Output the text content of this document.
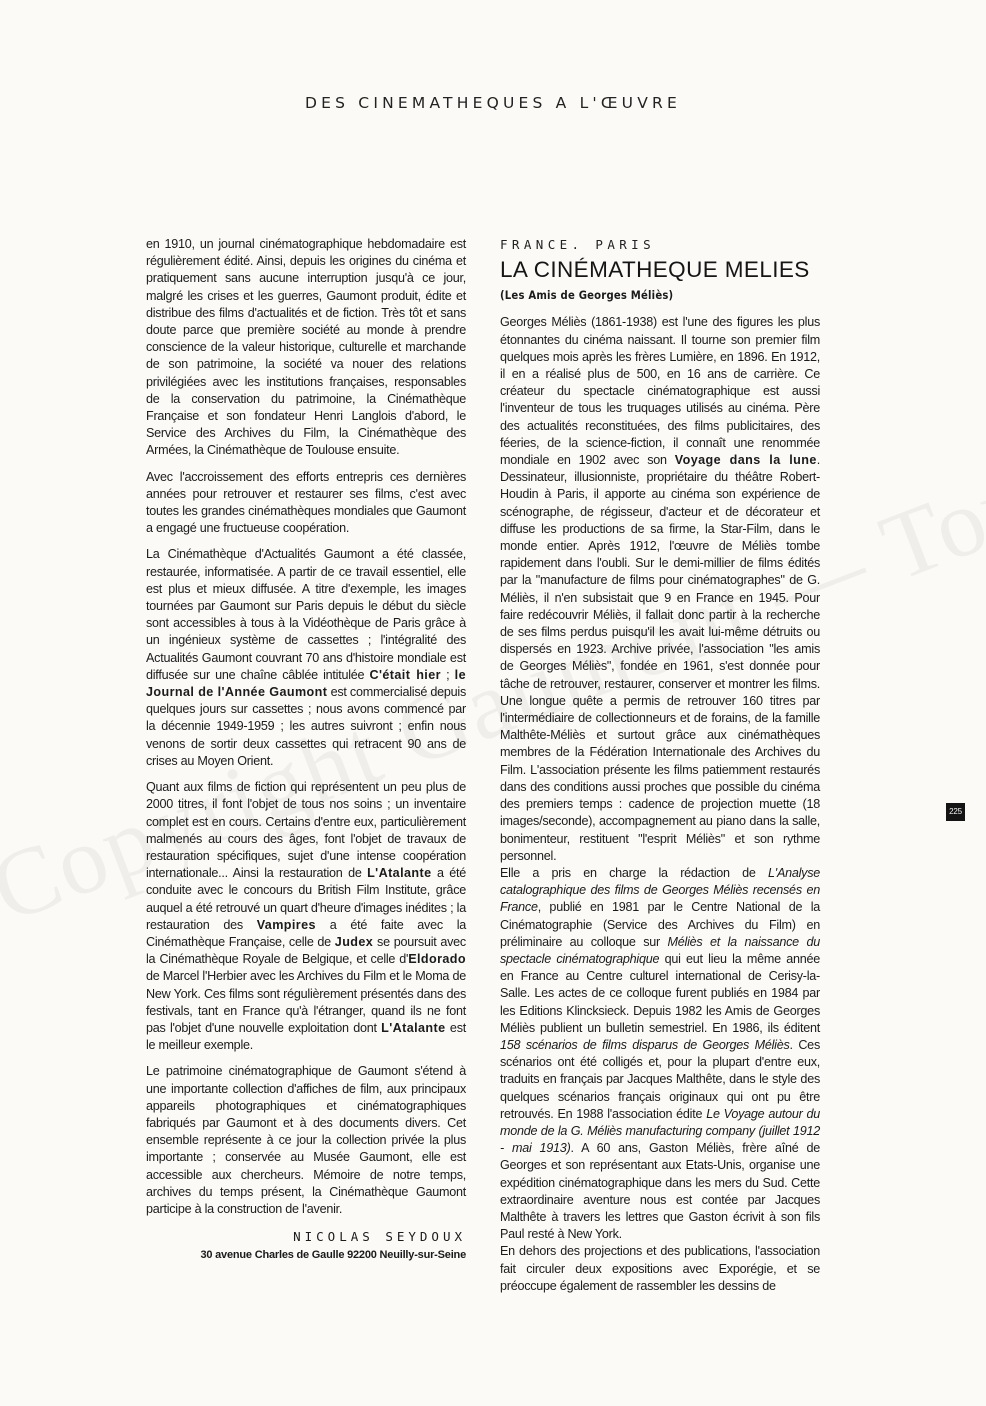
DES CINEMATHEQUES A L'ŒUVRE

en 1910, un journal cinématographique hebdomadaire est régulièrement édité. Ainsi, depuis les origines du cinéma et pratiquement sans aucune interruption jusqu'à ce jour, malgré les crises et les guerres, Gaumont produit, édite et distribue des films d'actualités et de fiction. Très tôt et sans doute parce que première société au monde à prendre conscience de la valeur historique, culturelle et marchande de son patrimoine, la société va nouer des relations privilégiées avec les institutions françaises, responsables de la conservation du patrimoine, la Cinémathèque Française et son fondateur Henri Langlois d'abord, le Service des Archives du Film, la Cinémathèque des Armées, la Cinémathèque de Toulouse ensuite.

Avec l'accroissement des efforts entrepris ces dernières années pour retrouver et restaurer ses films, c'est avec toutes les grandes cinémathèques mondiales que Gaumont a engagé une fructueuse coopération.

La Cinémathèque d'Actualités Gaumont a été classée, restaurée, informatisée. A partir de ce travail essentiel, elle est plus et mieux diffusée. A titre d'exemple, les images tournées par Gaumont sur Paris depuis le début du siècle sont accessibles à tous à la Vidéothèque de Paris grâce à un ingénieux système de cassettes ; l'intégralité des Actualités Gaumont couvrant 70 ans d'histoire mondiale est diffusée sur une chaîne câblée intitulée C'était hier ; le Journal de l'Année Gaumont est commercialisé depuis quelques jours sur cassettes ; nous avons commencé par la décennie 1949-1959 ; les autres suivront ; enfin nous venons de sortir deux cassettes qui retracent 90 ans de crises au Moyen Orient.

Quant aux films de fiction qui représentent un peu plus de 2000 titres, il font l'objet de tous nos soins ; un inventaire complet est en cours. Certains d'entre eux, particulièrement malmenés au cours des âges, font l'objet de travaux de restauration spécifiques, sujet d'une intense coopération internationale... Ainsi la restauration de L'Atalante a été conduite avec le concours du British Film Institute, grâce auquel a été retrouvé un quart d'heure d'images inédites ; la restauration des Vampires a été faite avec la Cinémathèque Française, celle de Judex se poursuit avec la Cinémathèque Royale de Belgique, et celle d'Eldorado de Marcel l'Herbier avec les Archives du Film et le Moma de New York. Ces films sont régulièrement présentés dans des festivals, tant en France qu'à l'étranger, quand ils ne font pas l'objet d'une nouvelle exploitation dont L'Atalante est le meilleur exemple.

Le patrimoine cinématographique de Gaumont s'étend à une importante collection d'affiches de film, aux principaux appareils photographiques et cinématographiques fabriqués par Gaumont et à des documents divers. Cet ensemble représente à ce jour la collection privée la plus importante ; conservée au Musée Gaumont, elle est accessible aux chercheurs. Mémoire de notre temps, archives du temps présent, la Cinémathèque Gaumont participe à la construction de l'avenir.

NICOLAS SEYDOUX
30 avenue Charles de Gaulle 92200 Neuilly-sur-Seine
FRANCE. PARIS
LA CINÉMATHEQUE MELIES
(Les Amis de Georges Méliès)

Georges Méliès (1861-1938) est l'une des figures les plus étonnantes du cinéma naissant. Il tourne son premier film quelques mois après les frères Lumière, en 1896. En 1912, il en a réalisé plus de 500, en 16 ans de carrière. Ce créateur du spectacle cinématographique est aussi l'inventeur de tous les truquages utilisés au cinéma. Père des actualités reconstituées, des films publicitaires, des féeries, de la science-fiction, il connaît une renommée mondiale en 1902 avec son Voyage dans la lune. Dessinateur, illusionniste, propriétaire du théâtre Robert-Houdin à Paris, il apporte au cinéma son expérience de scénographe, de régisseur, d'acteur et de décorateur et diffuse les productions de sa firme, la Star-Film, dans le monde entier. Après 1912, l'œuvre de Méliès tombe rapidement dans l'oubli. Sur le demi-millier de films édités par la "manufacture de films pour cinématographes" de G. Méliès, il n'en subsistait que 9 en France en 1945. Pour faire redécouvrir Méliès, il fallait donc partir à la recherche de ses films perdus puisqu'il les avait lui-même détruits ou dispersés en 1923. Archive privée, l'association "les amis de Georges Méliès", fondée en 1961, s'est donnée pour tâche de retrouver, restaurer, conserver et montrer les films. Une longue quête a permis de retrouver 160 titres par l'intermédiaire de collectionneurs et de forains, de la famille Malthête-Méliès et surtout grâce aux cinémathèques membres de la Fédération Internationale des Archives du Film. L'association présente les films patiemment restaurés dans des conditions aussi proches que possible du cinéma des premiers temps : cadence de projection muette (18 images/seconde), accompagnement au piano dans la salle, bonimenteur, restituent "l'esprit Méliès" et son rythme personnel.

Elle a pris en charge la rédaction de L'Analyse catalographique des films de Georges Méliès recensés en France, publié en 1981 par le Centre National de la Cinématographie (Service des Archives du Film) en préliminaire au colloque sur Méliès et la naissance du spectacle cinématographique qui eut lieu la même année en France au Centre culturel international de Cerisy-la-Salle. Les actes de ce colloque furent publiés en 1984 par les Editions Klincksieck. Depuis 1982 les Amis de Georges Méliès publient un bulletin semestriel. En 1986, ils éditent 158 scénarios de films disparus de Georges Méliès. Ces scénarios ont été colligés et, pour la plupart d'entre eux, traduits en français par Jacques Malthête, dans le style des quelques scénarios français originaux qui ont pu être retrouvés. En 1988 l'association édite Le Voyage autour du monde de la G. Méliès manufacturing company (juillet 1912 - mai 1913). A 60 ans, Gaston Méliès, frère aîné de Georges et son représentant aux Etats-Unis, organise une expédition cinématographique dans les mers du Sud. Cette extraordinaire aventure nous est contée par Jacques Malthête à travers les lettres que Gaston écrivit à son fils Paul resté à New York.

En dehors des projections et des publications, l'association fait circuler deux expositions avec Exporégie, et se préoccupe également de rassembler les dessins de

225
